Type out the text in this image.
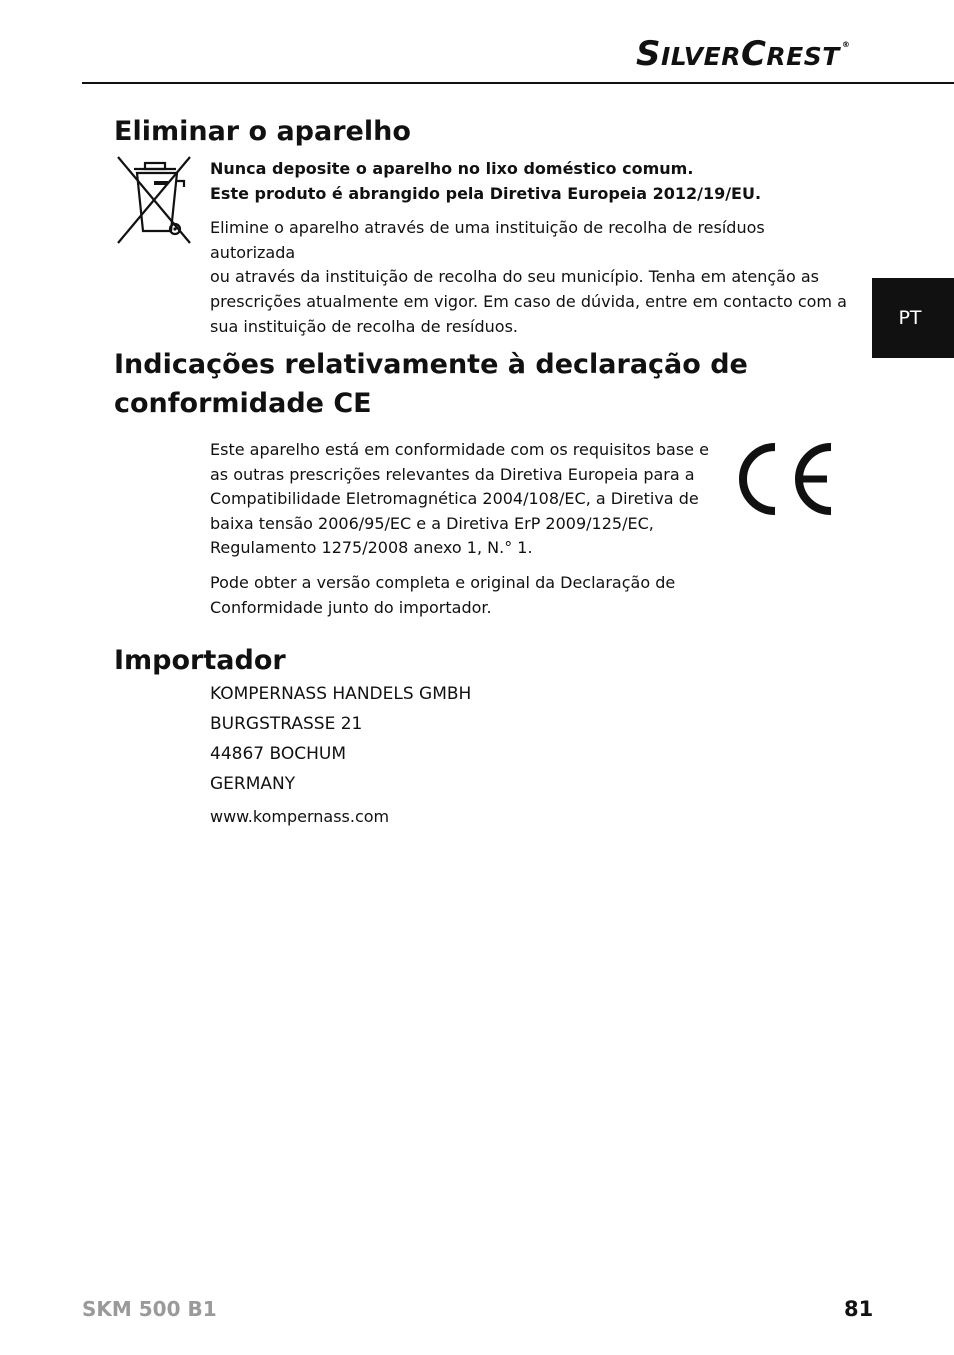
SILVERCREST ®
PT
Eliminar o aparelho

Nunca deposite o aparelho no lixo doméstico comum.

Este produto é abrangido pela Diretiva Europeia 2012/19/EU.

Elimine o aparelho através de uma instituição de recolha de resíduos autorizada

ou através da instituição de recolha do seu município. Tenha em atenção as

prescrições atualmente em vigor. Em caso de dúvida, entre em contacto com a

sua instituição de recolha de resíduos.

Indicações relativamente à declaração de
conformidade CE

Este aparelho está em conformidade com os requisitos base e

as outras prescrições relevantes da Diretiva Europeia para a

Compatibilidade Eletromagnética 2004/108/EC, a Diretiva de

baixa tensão 2006/95/EC e a Diretiva ErP 2009/125/EC,

Regulamento 1275/2008 anexo 1, N.° 1.

Pode obter a versão completa e original da Declaração de

Conformidade junto do importador.

Importador

KOMPERNASS HANDELS GMBH

BURGSTRASSE 21

44867 BOCHUM

GERMANY

www.kompernass.com

SKM 500 B1	81
